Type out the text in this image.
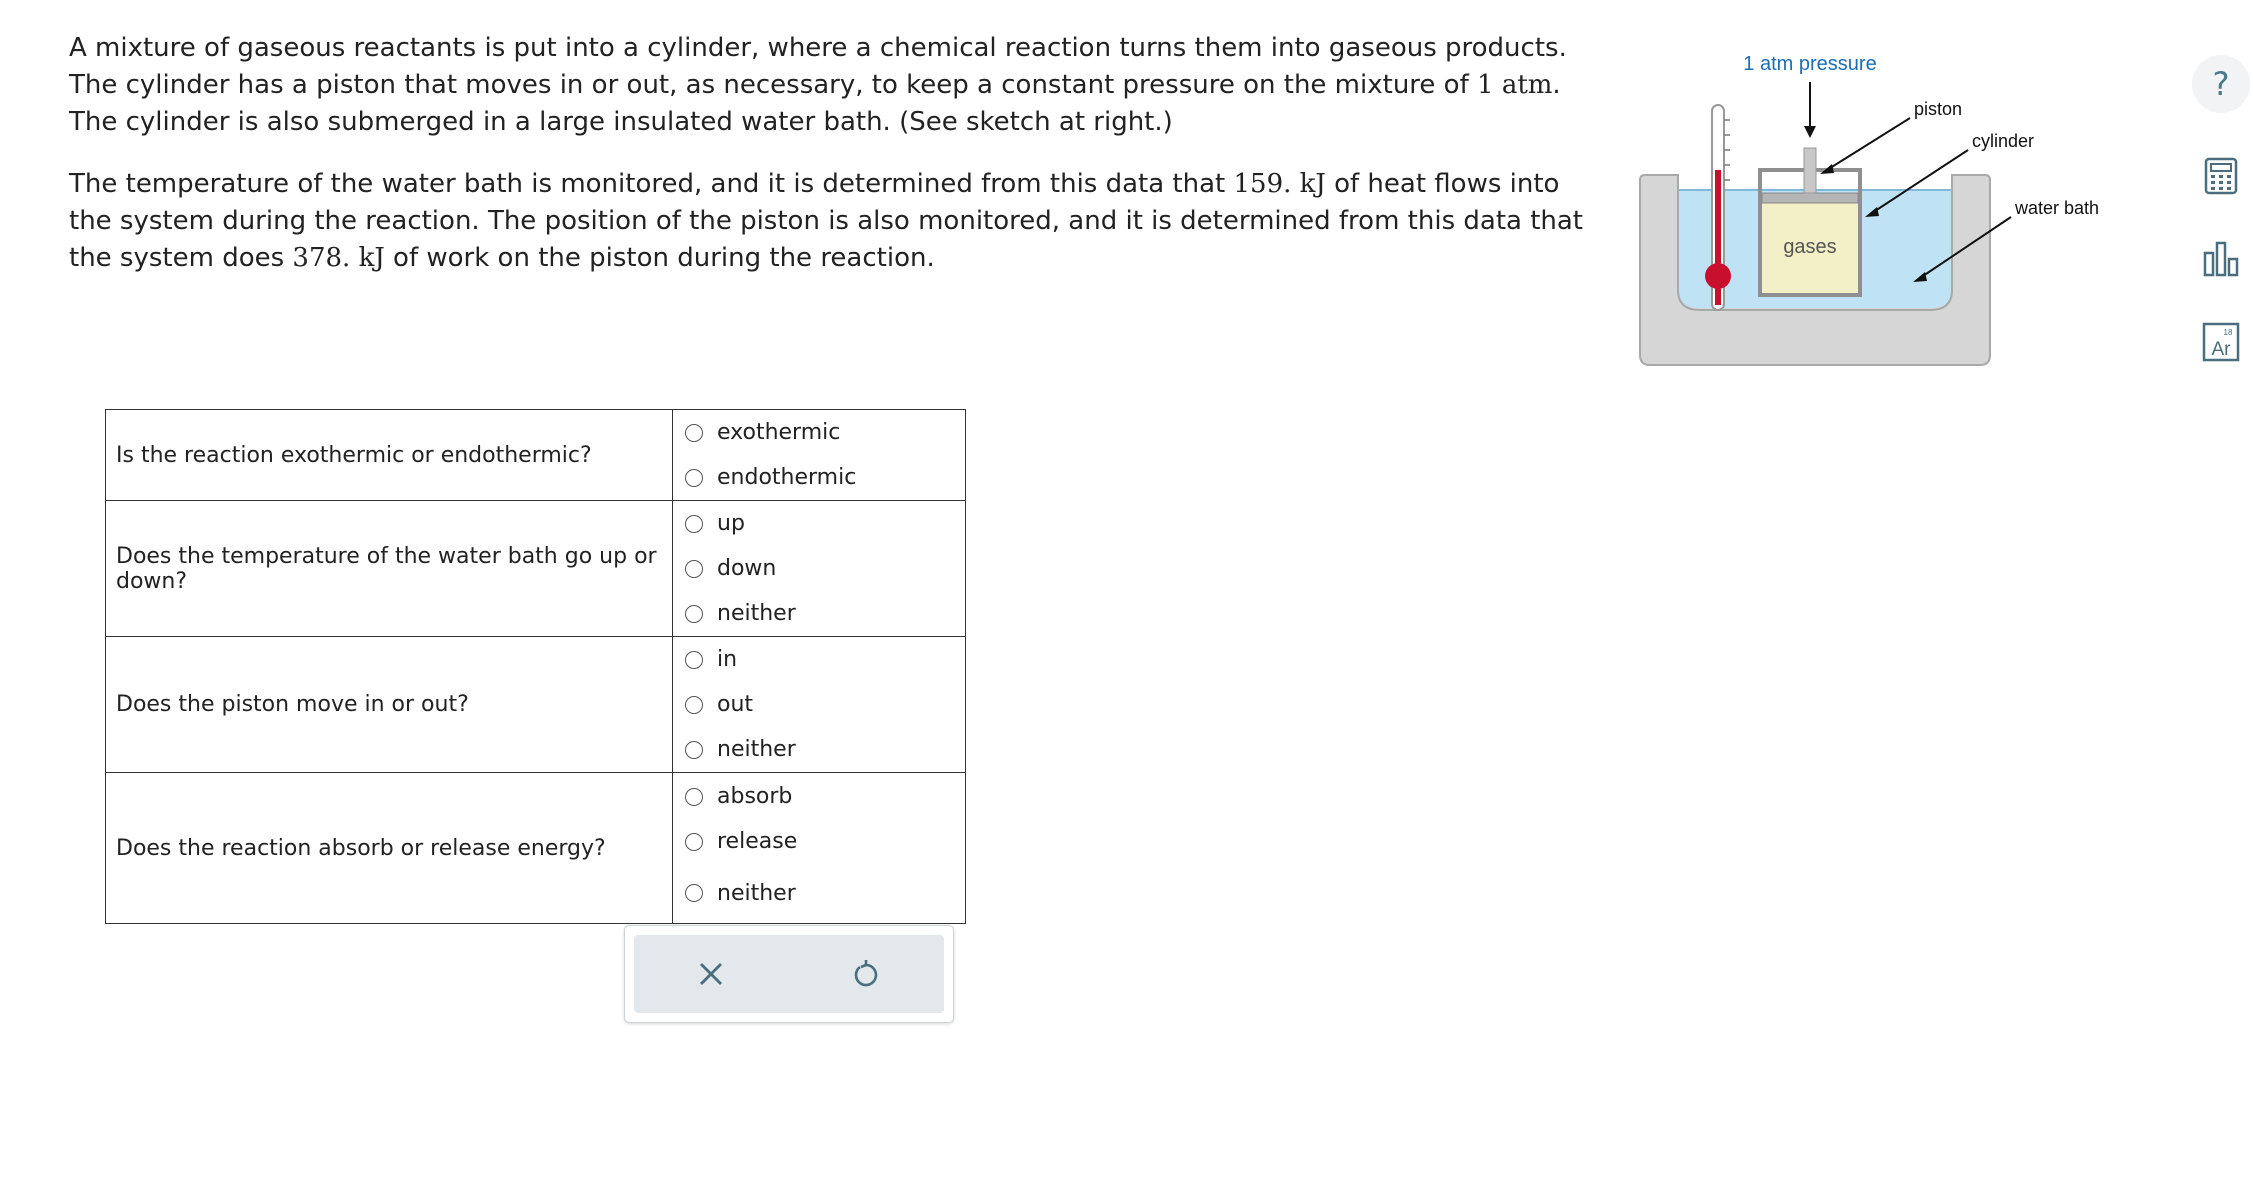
A mixture of gaseous reactants is put into a cylinder, where a chemical reaction turns them into gaseous products. The cylinder has a piston that moves in or out, as necessary, to keep a constant pressure on the mixture of 1 atm. The cylinder is also submerged in a large insulated water bath. (See sketch at right.)

The temperature of the water bath is monitored, and it is determined from this data that 159. kJ of heat flows into the system during the reaction. The position of the piston is also monitored, and it is determined from this data that the system does 378. kJ of work on the piston during the reaction.	gases
1 atm pressure
piston
cylinder
water bath
?
18
Ar
Is the reaction exothermic or endothermic?	exothermic
endothermic

Does the temperature of the water bath go up or down?	up
down
neither

Does the piston move in or out?	in
out
neither

Does the reaction absorb or release energy?	absorb
release
neither
